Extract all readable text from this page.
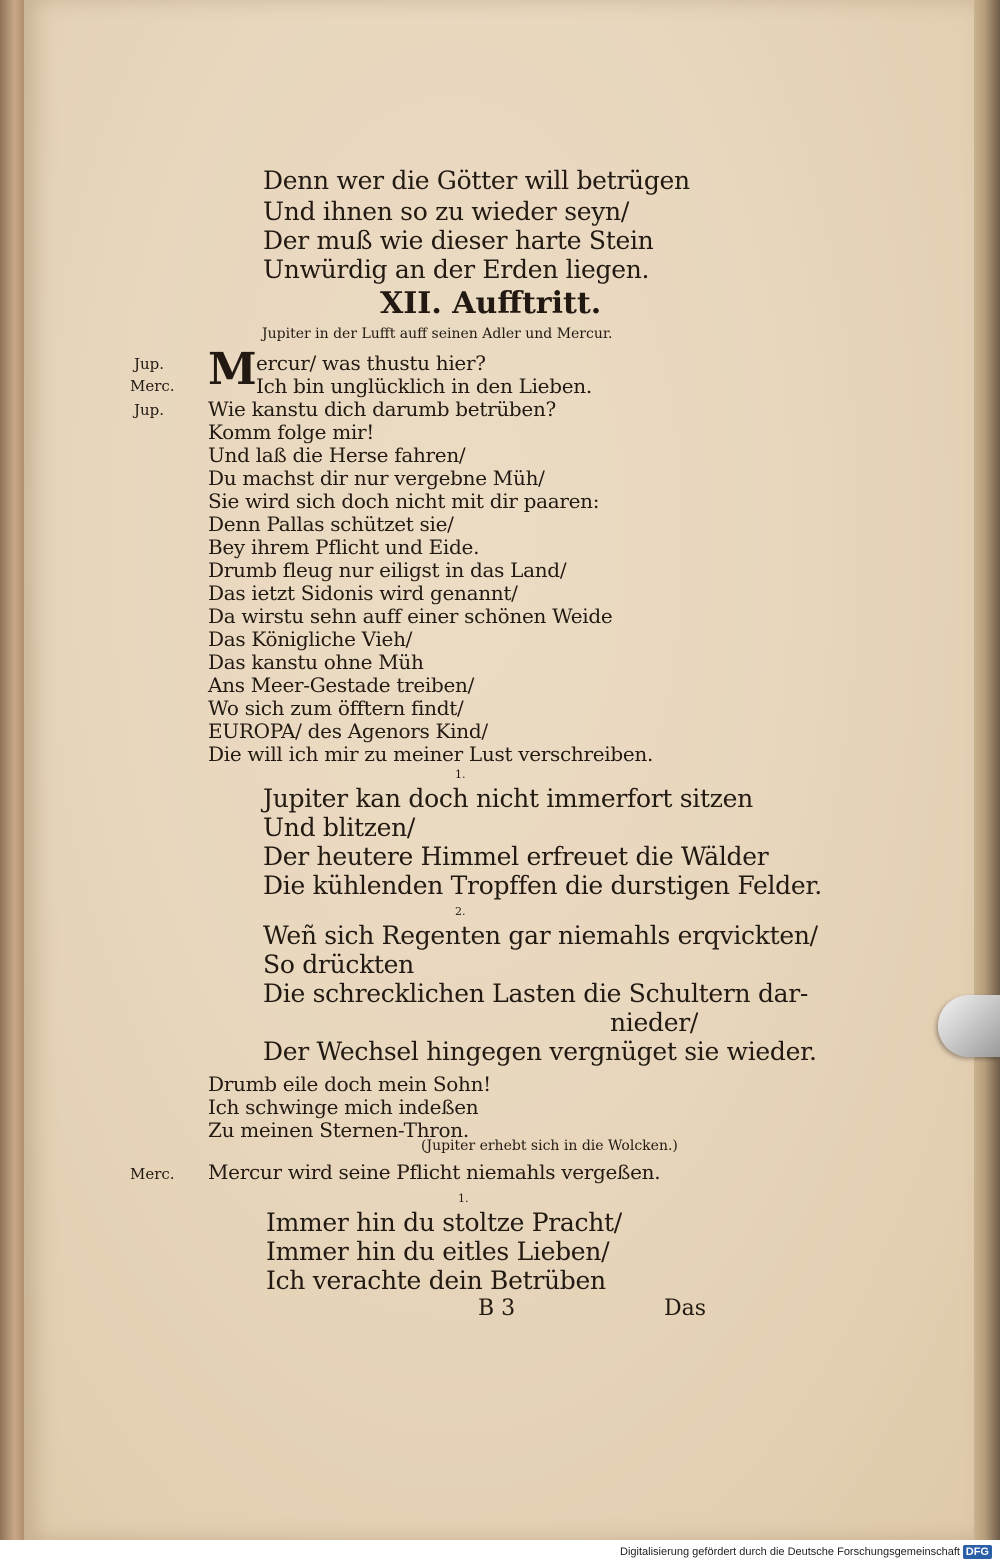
Denn wer die Götter will betrügen
Und ihnen so zu wieder seyn/
Der muß wie dieser harte Stein
Unwürdig an der Erden liegen.
XII. Aufftritt.
Jupiter in der Lufft auff seinen Adler und Mercur.
Jup.
Merc.
Jup.
Merc.
M ercur/ was thustu hier?
Ich bin unglücklich in den Lieben.
Wie kanstu dich darumb betrüben?
Komm folge mir!
Und laß die Herse fahren/
Du machst dir nur vergebne Müh/
Sie wird sich doch nicht mit dir paaren:
Denn Pallas schützet sie/
Bey ihrem Pflicht und Eide.
Drumb fleug nur eiligst in das Land/
Das ietzt Sidonis wird genannt/
Da wirstu sehn auff einer schönen Weide
Das Königliche Vieh/
Das kanstu ohne Müh
Ans Meer-Gestade treiben/
Wo sich zum öfftern findt/
EUROPA/ des Agenors Kind/
Die will ich mir zu meiner Lust verschreiben.
1.
Jupiter kan doch nicht immerfort sitzen
Und blitzen/
Der heutere Himmel erfreuet die Wälder
Die kühlenden Tropffen die durstigen Felder.
2.
Weñ sich Regenten gar niemahls erqvickten/
So drückten
Die schrecklichen Lasten die Schultern dar-
nieder/
Der Wechsel hingegen vergnüget sie wieder.
Drumb eile doch mein Sohn!
Ich schwinge mich indeßen
Zu meinen Sternen-Thron.
(Jupiter erhebt sich in die Wolcken.)
Mercur wird seine Pflicht niemahls vergeßen.
1.
Immer hin du stoltze Pracht/
Immer hin du eitles Lieben/
Ich verachte dein Betrüben
B 3	Das
Digitalisierung gefördert durch die Deutsche Forschungsgemeinschaft DFG
